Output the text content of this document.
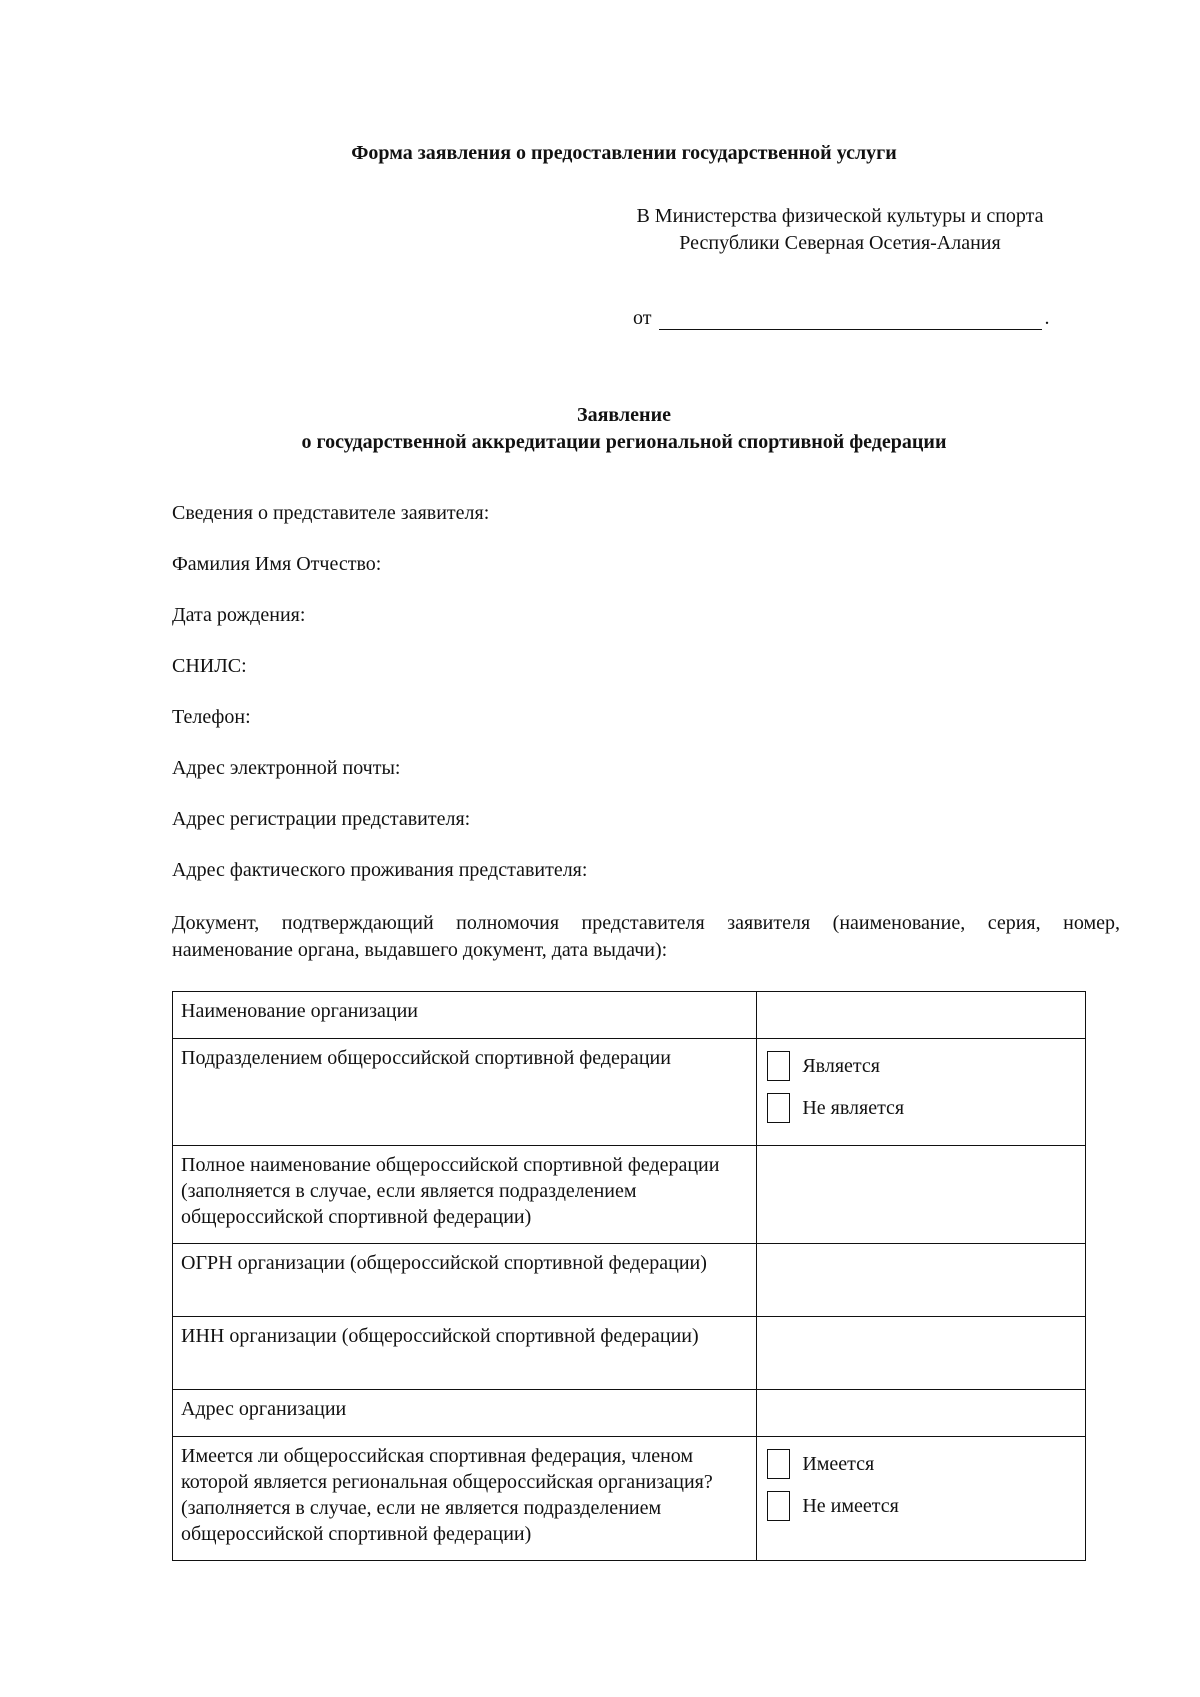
Форма заявления о предоставлении государственной услуги
В Министерства физической культуры и спорта
Республики Северная Осетия-Алания
от	.
Заявление
о государственной аккредитации региональной спортивной федерации
Сведения о представителе заявителя:
Фамилия Имя Отчество:
Дата рождения:
СНИЛС:
Телефон:
Адрес электронной почты:
Адрес регистрации представителя:
Адрес фактического проживания представителя:
Документ, подтверждающий полномочия представителя заявителя (наименование, серия, номер, наименование органа, выдавшего документ, дата выдачи):
Наименование организации	
Подразделением общероссийской спортивной федерации	Является
Не является

Полное наименование общероссийской спортивной федерации (заполняется в случае, если является подразделением общероссийской спортивной федерации)	
ОГРН организации (общероссийской спортивной федерации)	
ИНН организации (общероссийской спортивной федерации)	
Адрес организации	
Имеется ли общероссийская спортивная федерация, членом которой является региональная общероссийская организация? (заполняется в случае, если не является подразделением общероссийской спортивной федерации)	Имеется
Не имеется
